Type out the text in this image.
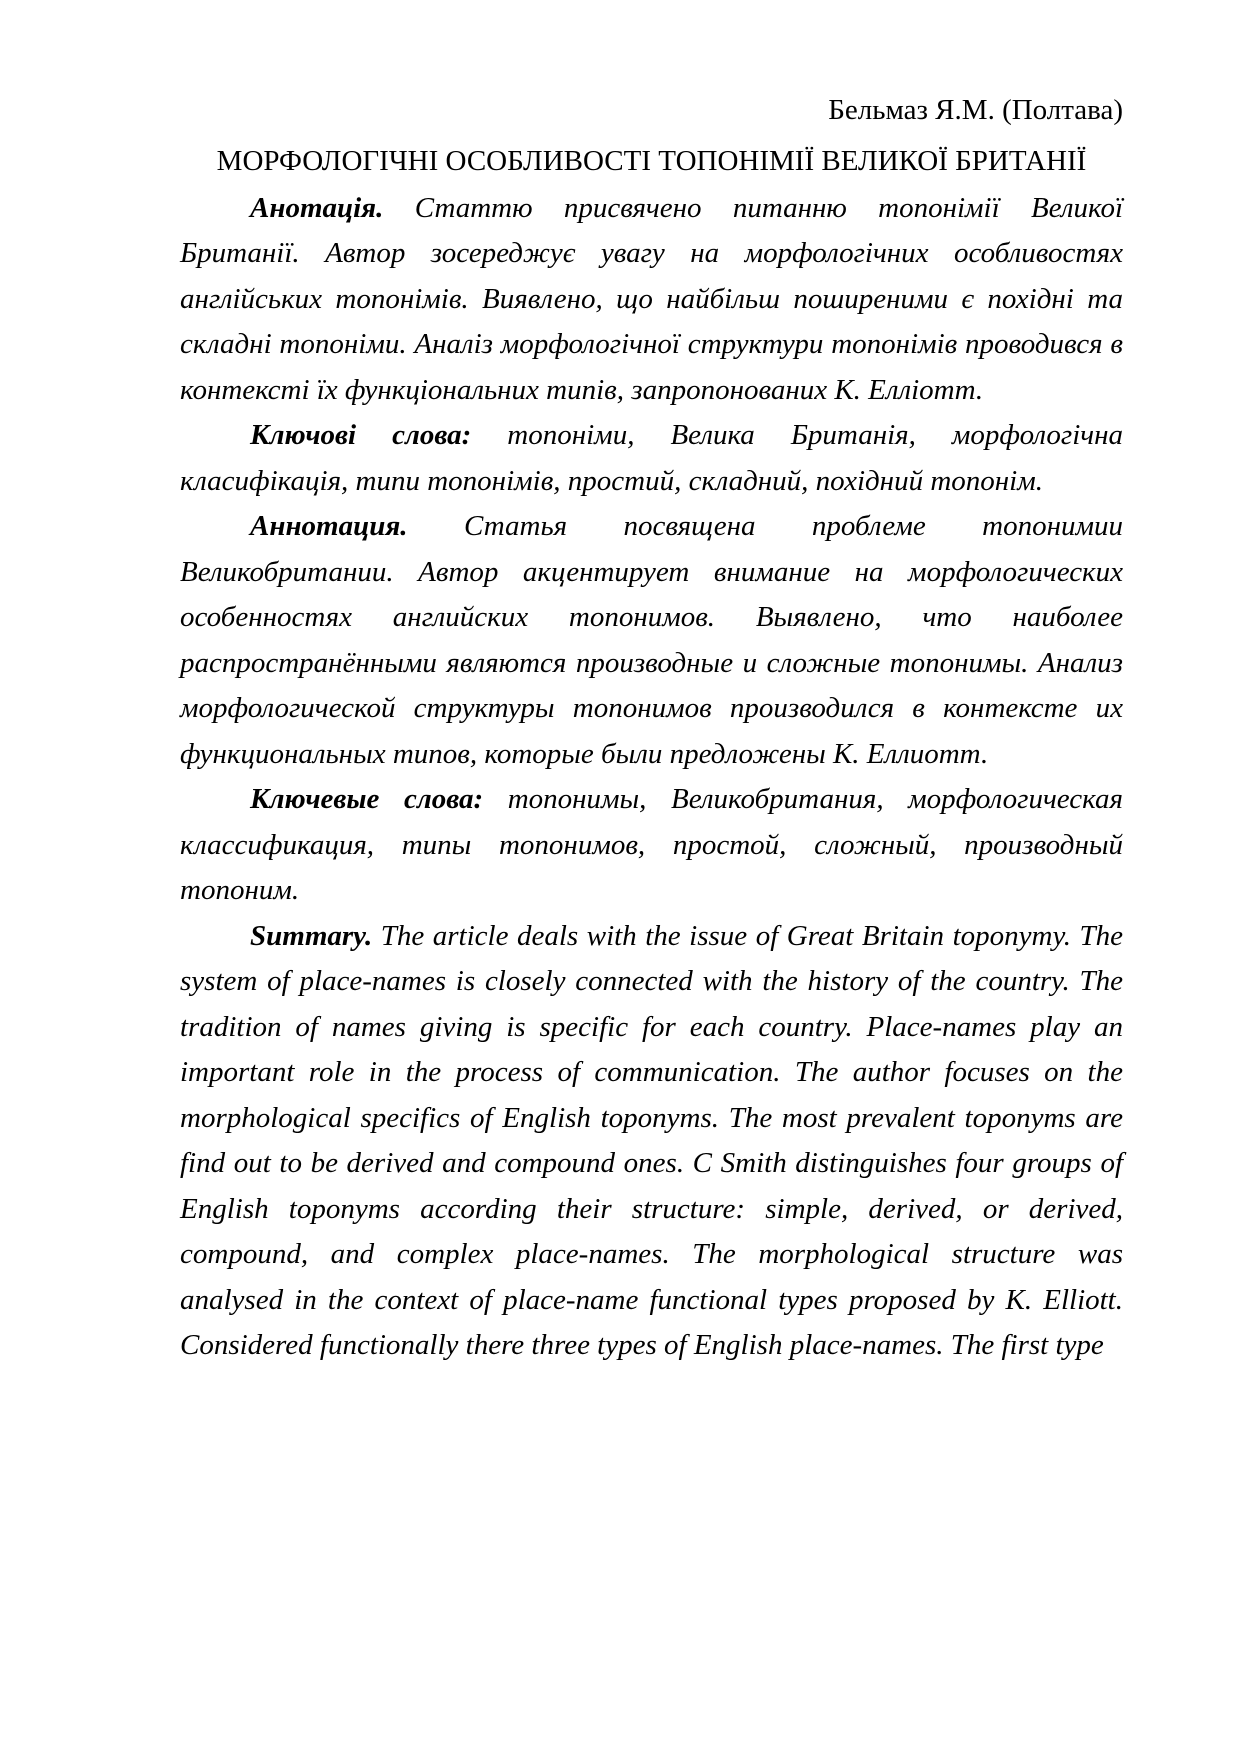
Бельмаз Я.М. (Полтава)
МОРФОЛОГІЧНІ ОСОБЛИВОСТІ ТОПОНІМІЇ ВЕЛИКОЇ БРИТАНІЇ

Анотація. Статтю присвячено питанню топонімії Великої Британії. Автор зосереджує увагу на морфологічних особливостях англійських топонімів. Виявлено, що найбільш поширеними є похідні та складні топоніми. Аналіз морфологічної структури топонімів проводився в контексті їх функціональних типів, запропонованих К. Елліотт.

Ключові слова: топоніми, Велика Британія, морфологічна класифікація, типи топонімів, простий, складний, похідний топонім.

Аннотация. Статья посвящена проблеме топонимии Великобритании. Автор акцентирует внимание на морфологических особенностях английских топонимов. Выявлено, что наиболее распространёнными являются производные и сложные топонимы. Анализ морфологической структуры топонимов производился в контексте их функциональных типов, которые были предложены К. Еллиотт.

Ключевые слова: топонимы, Великобритания, морфологическая классификация, типы топонимов, простой, сложный, производный топоним.

Summary. The article deals with the issue of Great Britain toponymy. The system of place-names is closely connected with the history of the country. The tradition of names giving is specific for each country. Place-names play an important role in the process of communication. The author focuses on the morphological specifics of English toponyms. The most prevalent toponyms are find out to be derived and compound ones. C Smith distinguishes four groups of English toponyms according their structure: simple, derived, or derived, compound, and complex place-names. The morphological structure was analysed in the context of place-name functional types proposed by K. Elliott. Considered functionally there three types of English place-names. The first type
